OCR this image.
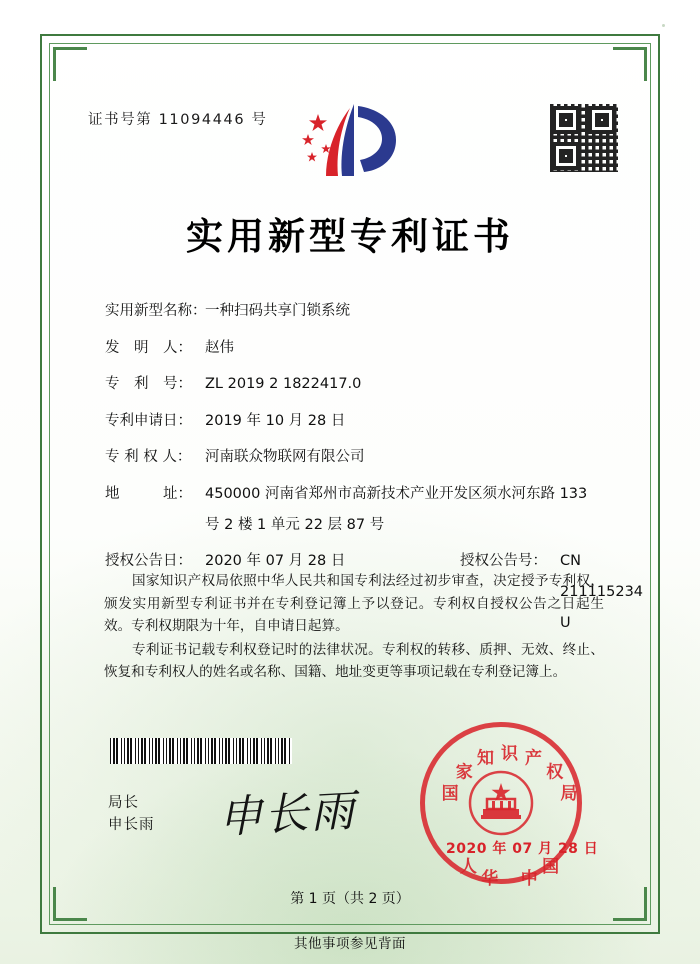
证书号第 11094446 号
实用新型专利证书
实用新型名称：
一种扫码共享门锁系统
发　明　人： 赵伟
专　利　号： ZL 2019 2 1822417.0
专利申请日： 2019 年 10 月 28 日
专 利 权 人： 河南联众物联网有限公司
地　　　址： 450000 河南省郑州市高新技术产业开发区须水河东路 133
号 2 楼 1 单元 22 层 87 号
授权公告日： 2020 年 07 月 28 日	授权公告号： CN 211115234 U

国家知识产权局依照中华人民共和国专利法经过初步审查，决定授予专利权，颁发实用新型专利证书并在专利登记簿上予以登记。专利权自授权公告之日起生效。专利权期限为十年，自申请日起算。

专利证书记载专利权登记时的法律状况。专利权的转移、质押、无效、终止、恢复和专利权人的姓名或名称、国籍、地址变更等事项记载在专利登记簿上。

局长
申长雨 申长雨	国
家
知 识 产
权
局
国
中
华
人
2020 年 07 月 28 日
第 1 页（共 2 页）
其他事项参见背面
